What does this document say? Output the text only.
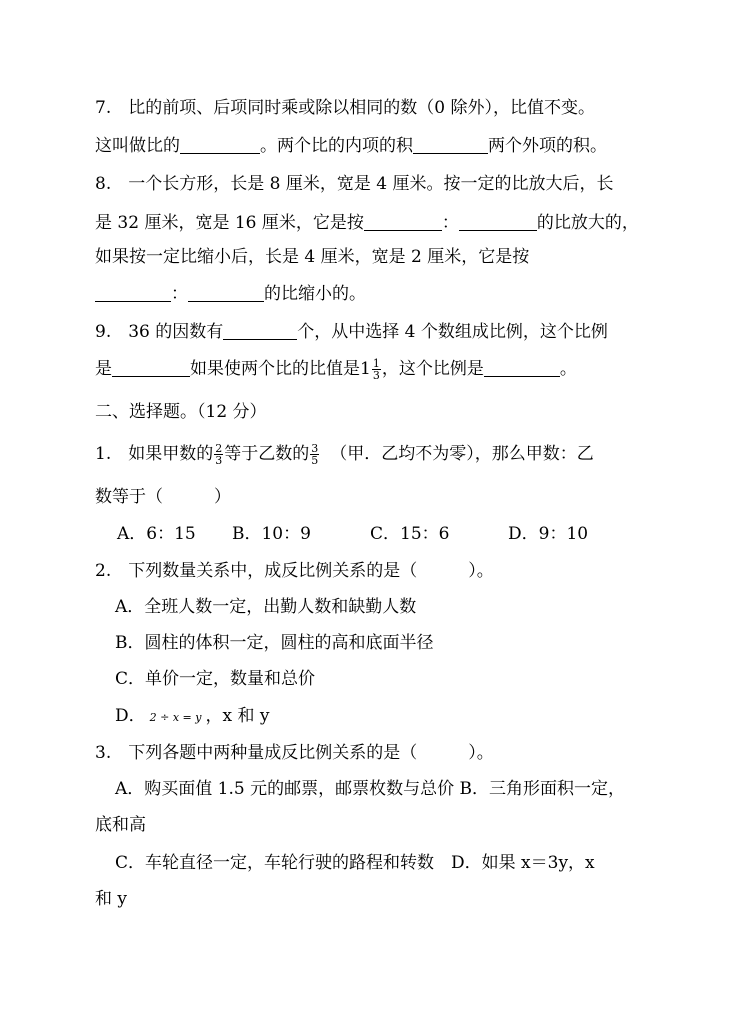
7.　比的前项、后项同时乘或除以相同的数（0 除外），比值不变。
这叫做比的	。两个比的内项的积	两个外项的积。
8.　一个长方形，长是 8 厘米，宽是 4 厘米。按一定的比放大后，长
是 32 厘米，宽是 16 厘米，它是按	：	的比放大的，
如果按一定比缩小后，长是 4 厘米，宽是 2 厘米，它是按
：	的比缩小的。
9.　36 的因数有	个，从中选择 4 个数组成比例，这个比例
是	如果使两个比的比值是$1 \frac{1}{3}$ ，这个比例是	。
二、选择题。（12 分）
1.　如果甲数的 $\frac{2}{3}$ 等于乙数的 $\frac{3}{5}$ （甲．乙均不为零），那么甲数：乙
数等于（　　　）
A．6：15 B．10：9	C．15：6	D．9：10
2.　下列数量关系中，成反比例关系的是（　　　）。
A．全班人数一定，出勤人数和缺勤人数
B．圆柱的体积一定，圆柱的高和底面半径
C．单价一定，数量和总价
D． 2 ÷ x = y ，x 和 y
3.　下列各题中两种量成反比例关系的是（　　　）。
A．购买面值 1.5 元的邮票，邮票枚数与总价 B．三角形面积一定，
底和高
C．车轮直径一定，车轮行驶的路程和转数　D．如果 x＝3y，x
和 y
